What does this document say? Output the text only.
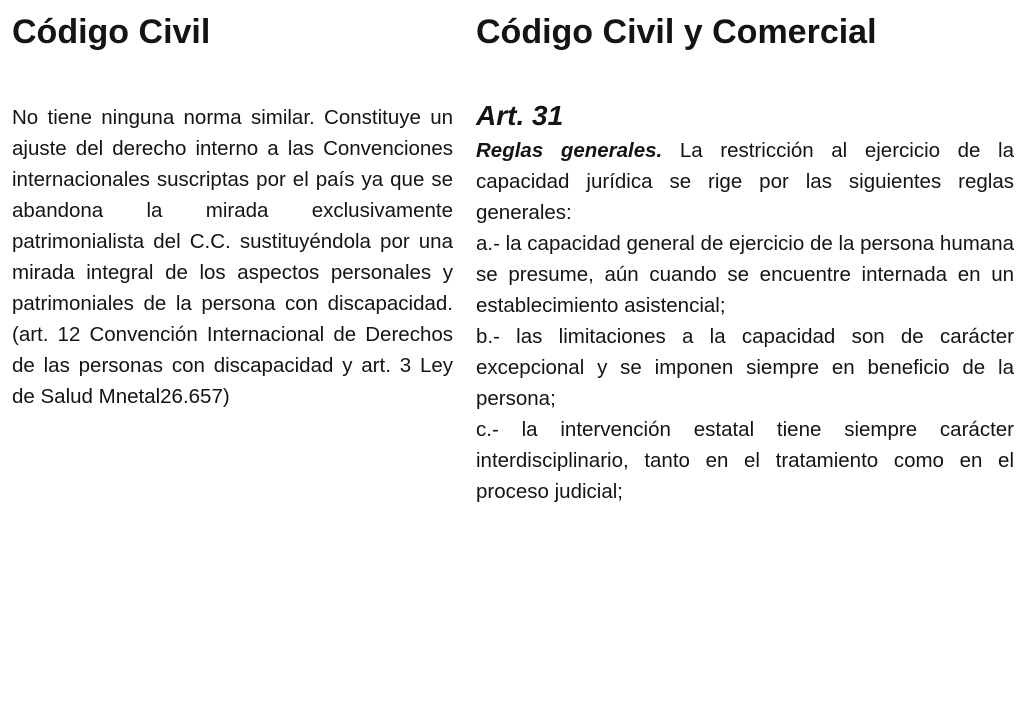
Código Civil
No tiene ninguna norma similar. Constituye un ajuste del derecho interno a las Convenciones internacionales suscriptas por el país ya que se abandona la mirada exclusivamente patrimonialista del C.C. sustituyéndola por una mirada integral de los aspectos personales y patrimoniales de la persona con discapacidad.(art. 12 Convención Internacional de Derechos de las personas con discapacidad y art. 3 Ley de Salud Mnetal26.657)
Código Civil y Comercial
Art. 31

Reglas generales. La restricción al ejercicio de la capacidad jurídica se rige por las siguientes reglas generales:

a.- la capacidad general de ejercicio de la persona humana se presume, aún cuando se encuentre internada en un establecimiento asistencial;

b.- las limitaciones a la capacidad son de carácter excepcional y se imponen siempre en beneficio de la persona;

c.- la intervención estatal tiene siempre carácter interdisciplinario, tanto en el tratamiento como en el proceso judicial;
